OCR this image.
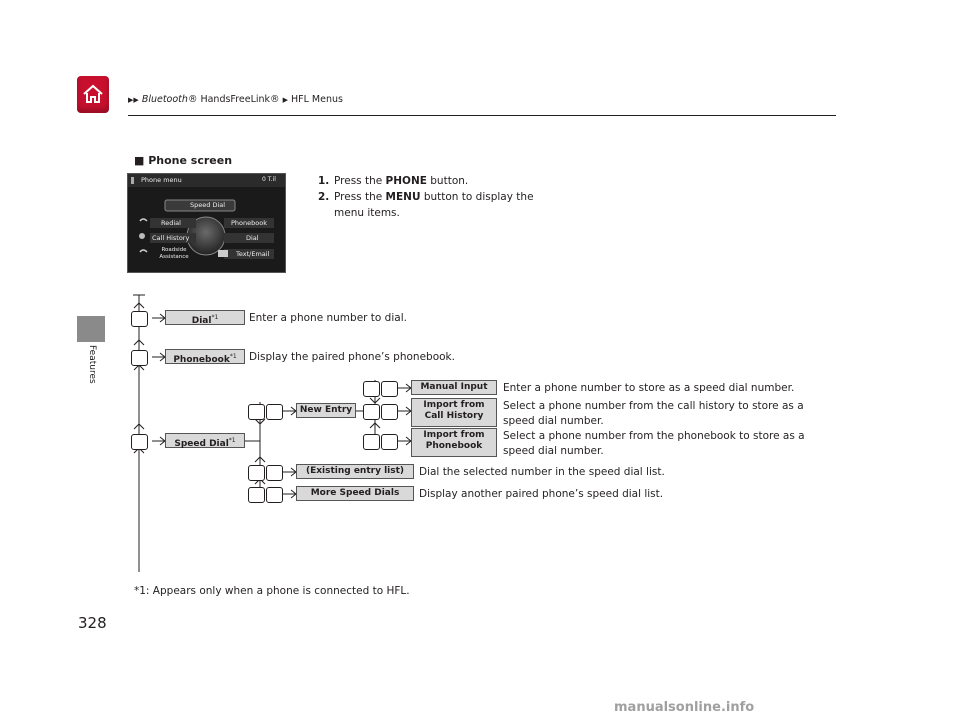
▶▶ Bluetooth® HandsFreeLink® ▶ HFL Menus
Features
328
■ Phone screen
1. Press the PHONE button.
2. Press the MENU button to display the menu items.
Phone menu	0 T.il
Speed Dial
Redial	Phonebook
Call History	Dial
Roadside Assistance	Text/Email
Dial$^{*1}$	Enter a phone number to dial.
Phonebook$^{*1}$	Display the paired phone’s phonebook.
Speed Dial$^{*1}$
New Entry
Manual Input	Enter a phone number to store as a speed dial number.
Import from
Call History
Select a phone number from the call history to store as a
speed dial number.
Import from
Phonebook
Select a phone number from the phonebook to store as a
speed dial number.
(Existing entry list)	Dial the selected number in the speed dial list.
More Speed Dials	Display another paired phone’s speed dial list.
*1: Appears only when a phone is connected to HFL.
manualsonline.info
